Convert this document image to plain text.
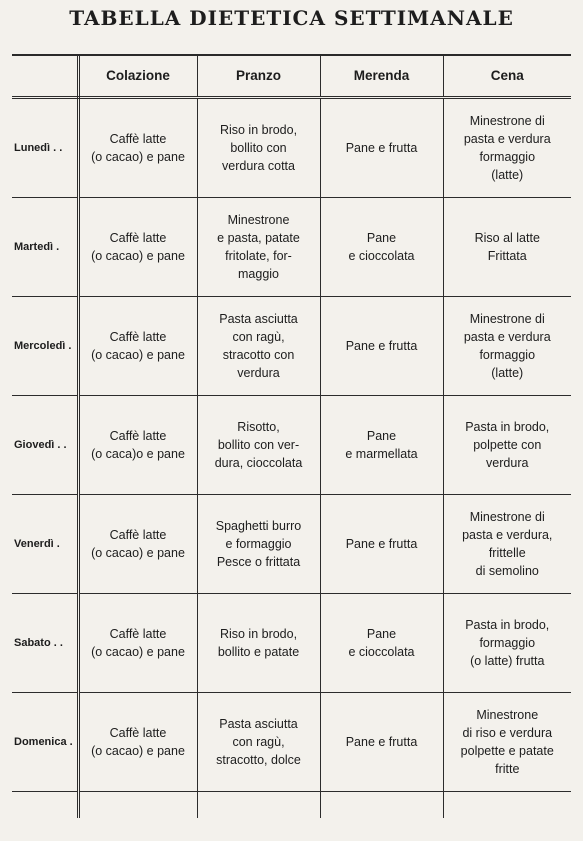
TABELLA DIETETICA SETTIMANALE
	Colazione	Pranzo	Merenda	Cena
Lunedì . .	Caffè latte
(o cacao) e pane	Riso in brodo,
bollito con
verdura cotta	Pane e frutta	Minestrone di
pasta e verdura
formaggio
(latte)

Martedì .	Caffè latte
(o cacao) e pane	Minestrone
e pasta, patate
fritolate, for-
maggio	Pane
e cioccolata	Riso al latte
Frittata

Mercoledì .	Caffè latte
(o cacao) e pane	Pasta asciutta
con ragù,
stracotto con
verdura	Pane e frutta	Minestrone di
pasta e verdura
formaggio
(latte)

Giovedì . .	Caffè latte
(o caca)o e pane	Risotto,
bollito con ver-
dura, cioccolata	Pane
e marmellata	Pasta in brodo,
polpette con
verdura

Venerdì .	Caffè latte
(o cacao) e pane	Spaghetti burro
e formaggio
Pesce o frittata	Pane e frutta	Minestrone di
pasta e verdura,
frittelle
di semolino

Sabato . .	Caffè latte
(o cacao) e pane	Riso in brodo,
bollito e patate	Pane
e cioccolata	Pasta in brodo,
formaggio
(o latte) frutta

Domenica .	Caffè latte
(o cacao) e pane	Pasta asciutta
con ragù,
stracotto, dolce	Pane e frutta	Minestrone
di riso e verdura
polpette e patate
fritte
